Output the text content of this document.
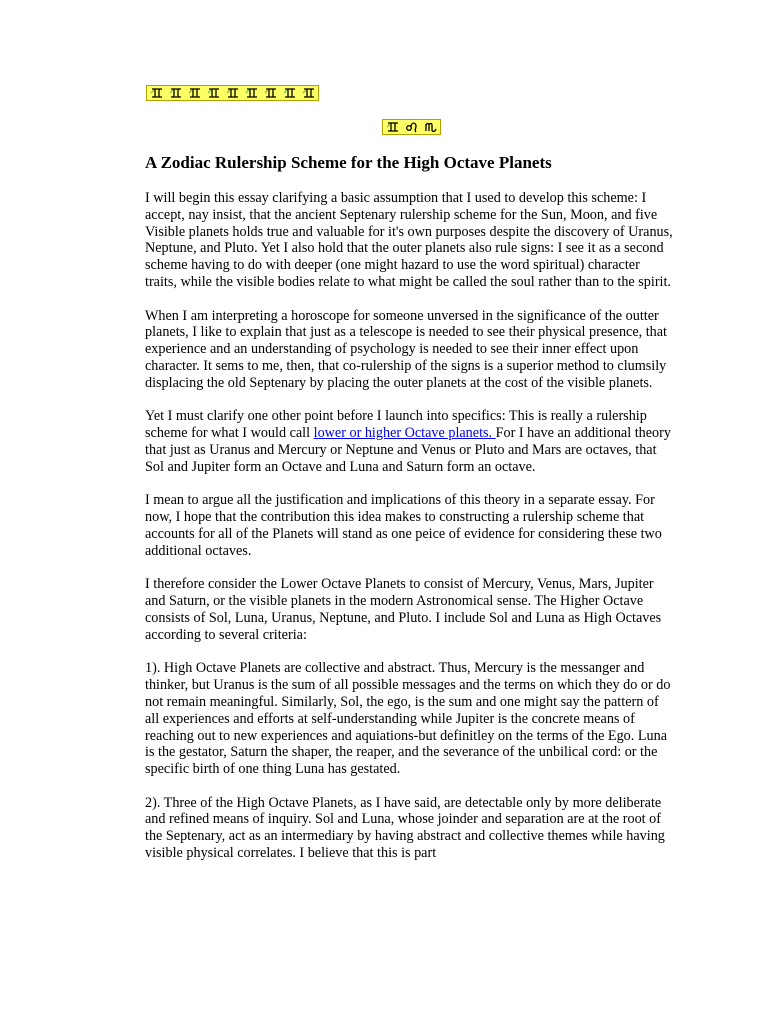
A Zodiac Rulership Scheme for the High Octave Planets

I will begin this essay clarifying a basic assumption that I used to develop this scheme: I accept, nay insist, that the ancient Septenary rulership scheme for the Sun, Moon, and five Visible planets holds true and valuable for it's own purposes despite the discovery of Uranus, Neptune, and Pluto. Yet I also hold that the outer planets also rule signs: I see it as a second scheme having to do with deeper (one might hazard to use the word spiritual) character traits, while the visible bodies relate to what might be called the soul rather than to the spirit.

When I am interpreting a horoscope for someone unversed in the significance of the outter planets, I like to explain that just as a telescope is needed to see their physical presence, that experience and an understanding of psychology is needed to see their inner effect upon character. It sems to me, then, that co-rulership of the signs is a superior method to clumsily displacing the old Septenary by placing the outer planets at the cost of the visible planets.

Yet I must clarify one other point before I launch into specifics: This is really a rulership scheme for what I would call lower or higher Octave planets. For I have an additional theory that just as Uranus and Mercury or Neptune and Venus or Pluto and Mars are octaves, that Sol and Jupiter form an Octave and Luna and Saturn form an octave.

I mean to argue all the justification and implications of this theory in a separate essay. For now, I hope that the contribution this idea makes to constructing a rulership scheme that accounts for all of the Planets will stand as one peice of evidence for considering these two additional octaves.

I therefore consider the Lower Octave Planets to consist of Mercury, Venus, Mars, Jupiter and Saturn, or the visible planets in the modern Astronomical sense. The Higher Octave consists of Sol, Luna, Uranus, Neptune, and Pluto. I include Sol and Luna as High Octaves according to several criteria:

1). High Octave Planets are collective and abstract. Thus, Mercury is the messanger and thinker, but Uranus is the sum of all possible messages and the terms on which they do or do not remain meaningful. Similarly, Sol, the ego, is the sum and one might say the pattern of all experiences and efforts at self-understanding while Jupiter is the concrete means of reaching out to new experiences and aquiations-but definitley on the terms of the Ego. Luna is the gestator, Saturn the shaper, the reaper, and the severance of the unbilical cord: or the specific birth of one thing Luna has gestated.

2). Three of the High Octave Planets, as I have said, are detectable only by more deliberate and refined means of inquiry. Sol and Luna, whose joinder and separation are at the root of the Septenary, act as an intermediary by having abstract and collective themes while having visible physical correlates. I believe that this is part
